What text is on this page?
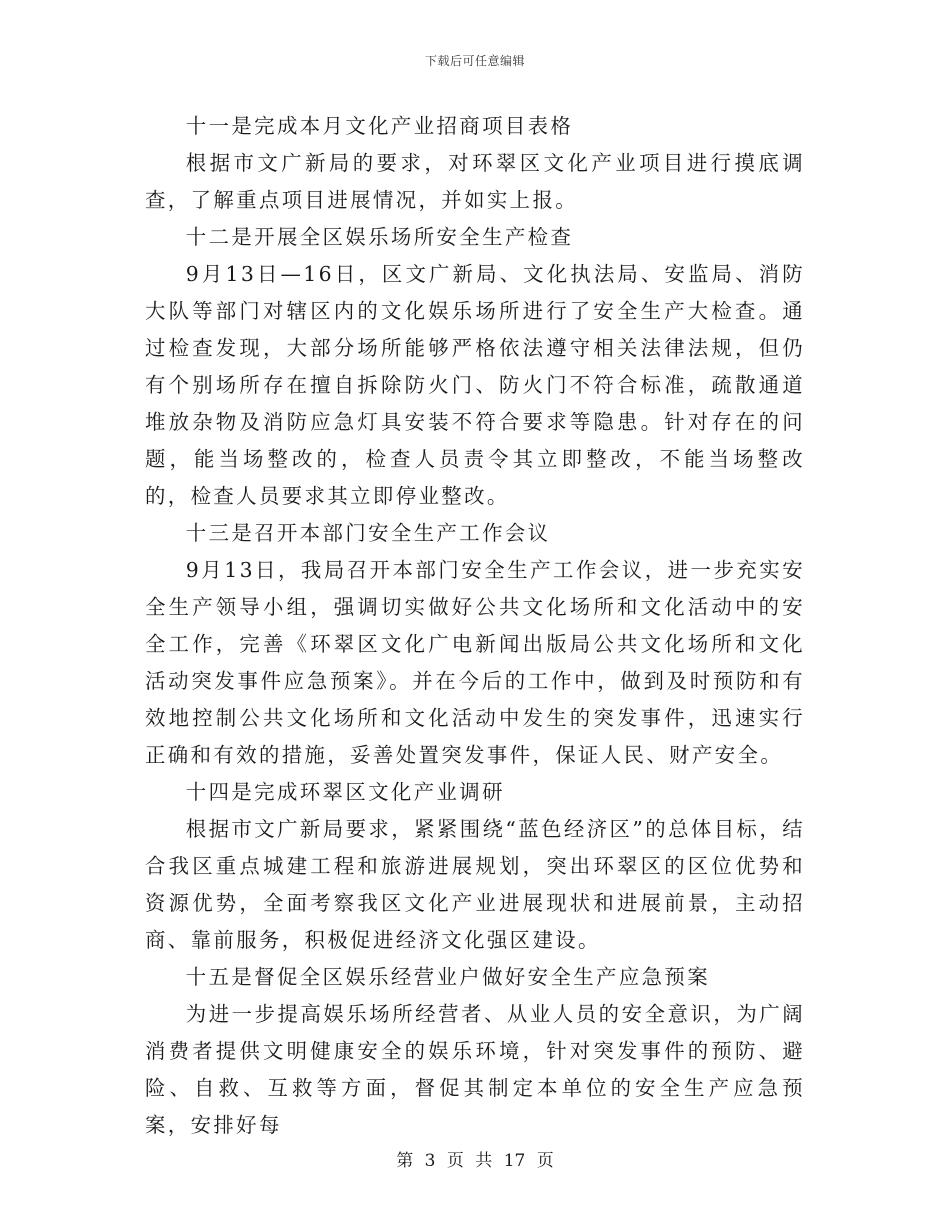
下载后可任意编辑

十一是完成本月文化产业招商项目表格

根据市文广新局的要求，对环翠区文化产业项目进行摸底调查，了解重点项目进展情况，并如实上报。

十二是开展全区娱乐场所安全生产检查

9月13日—16日，区文广新局、文化执法局、安监局、消防大队等部门对辖区内的文化娱乐场所进行了安全生产大检查。通过检查发现，大部分场所能够严格依法遵守相关法律法规，但仍有个别场所存在擅自拆除防火门、防火门不符合标准，疏散通道堆放杂物及消防应急灯具安装不符合要求等隐患。针对存在的问题，能当场整改的，检查人员责令其立即整改，不能当场整改的，检查人员要求其立即停业整改。

十三是召开本部门安全生产工作会议

9月13日，我局召开本部门安全生产工作会议，进一步充实安全生产领导小组，强调切实做好公共文化场所和文化活动中的安全工作，完善《环翠区文化广电新闻出版局公共文化场所和文化活动突发事件应急预案》。并在今后的工作中，做到及时预防和有效地控制公共文化场所和文化活动中发生的突发事件，迅速实行正确和有效的措施，妥善处置突发事件，保证人民、财产安全。

十四是完成环翠区文化产业调研

根据市文广新局要求，紧紧围绕“蓝色经济区”的总体目标，结合我区重点城建工程和旅游进展规划，突出环翠区的区位优势和资源优势，全面考察我区文化产业进展现状和进展前景，主动招商、靠前服务，积极促进经济文化强区建设。

十五是督促全区娱乐经营业户做好安全生产应急预案

为进一步提高娱乐场所经营者、从业人员的安全意识，为广阔消费者提供文明健康安全的娱乐环境，针对突发事件的预防、避险、自救、互救等方面，督促其制定本单位的安全生产应急预案，安排好每

第 3 页 共 17 页
